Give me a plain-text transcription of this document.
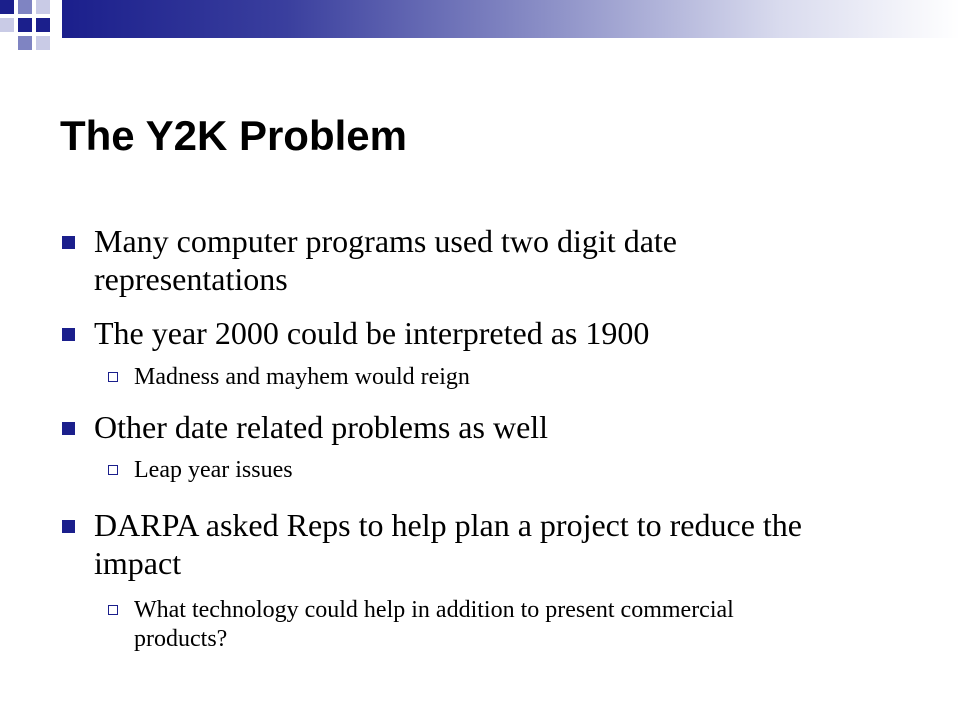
The Y2K Problem
Many computer programs used two digit date representations
The year 2000 could be interpreted as 1900
Madness and mayhem would reign
Other date related problems as well
Leap year issues
DARPA asked Reps to help plan a project to reduce the impact
What technology could help in addition to present commercial products?
